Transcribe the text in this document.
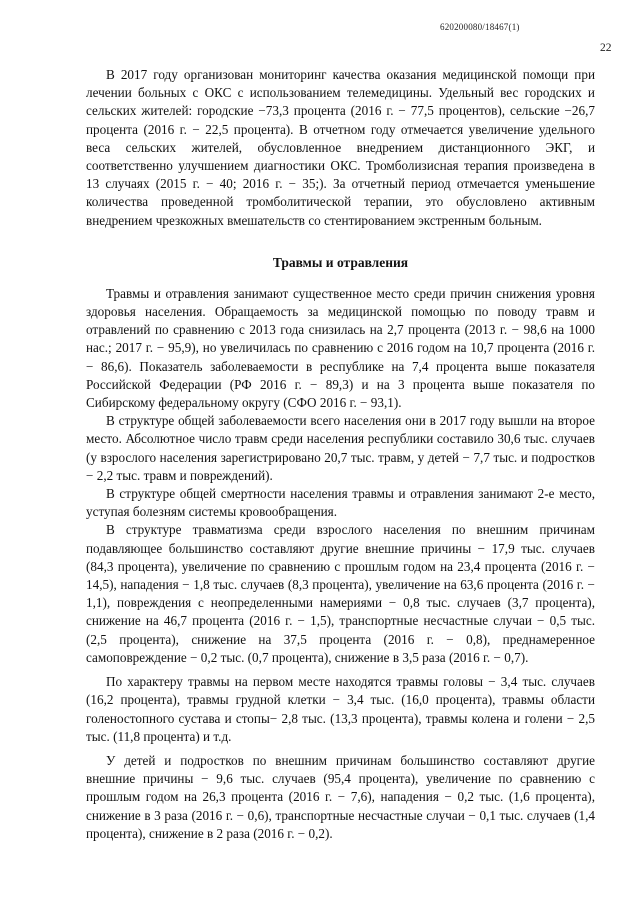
620200080/18467(1)
22

В 2017 году организован мониторинг качества оказания медицинской помощи при лечении больных с ОКС с использованием телемедицины. Удельный вес городских и сельских жителей: городские −73,3 процента (2016 г. − 77,5 процентов), сельские −26,7 процента (2016 г. − 22,5 процента). В отчетном году отмечается увеличение удельного веса сельских жителей, обусловленное внедрением дистанционного ЭКГ, и соответственно улучшением диагностики ОКС. Тромболизисная терапия произведена в 13 случаях (2015 г. − 40; 2016 г. − 35;). За отчетный период отмечается уменьшение количества проведенной тромболитической терапии, это обусловлено активным внедрением чрезкожных вмешательств со стентированием экстренным больным.

Травмы и отравления

Травмы и отравления занимают существенное место среди причин снижения уровня здоровья населения. Обращаемость за медицинской помощью по поводу травм и отравлений по сравнению с 2013 года снизилась на 2,7 процента (2013 г. − 98,6 на 1000 нас.; 2017 г. − 95,9), но увеличилась по сравнению с 2016 годом на 10,7 процента (2016 г. − 86,6). Показатель заболеваемости в республике на 7,4 процента выше показателя Российской Федерации (РФ 2016 г. − 89,3) и на 3 процента выше показателя по Сибирскому федеральному округу (СФО 2016 г. − 93,1).

В структуре общей заболеваемости всего населения они в 2017 году вышли на второе место. Абсолютное число травм среди населения республики составило 30,6 тыс. случаев (у взрослого населения зарегистрировано 20,7 тыс. травм, у детей − 7,7 тыс. и подростков − 2,2 тыс. травм и повреждений).

В структуре общей смертности населения травмы и отравления занимают 2-е место, уступая болезням системы кровообращения.

В структуре травматизма среди взрослого населения по внешним причинам подавляющее большинство составляют другие внешние причины − 17,9 тыс. случаев (84,3 процента), увеличение по сравнению с прошлым годом на 23,4 процента (2016 г. − 14,5), нападения − 1,8 тыс. случаев (8,3 процента), увеличение на 63,6 процента (2016 г. − 1,1), повреждения с неопределенными намериями − 0,8 тыс. случаев (3,7 процента), снижение на 46,7 процента (2016 г. − 1,5), транспортные несчастные случаи − 0,5 тыс. (2,5 процента), снижение на 37,5 процента (2016 г. − 0,8), преднамеренное самоповреждение − 0,2 тыс. (0,7 процента), снижение в 3,5 раза (2016 г. − 0,7).

По характеру травмы на первом месте находятся травмы головы − 3,4 тыс. случаев (16,2 процента), травмы грудной клетки − 3,4 тыс. (16,0 процента), травмы области голеностопного сустава и стопы− 2,8 тыс. (13,3 процента), травмы колена и голени − 2,5 тыс. (11,8 процента) и т.д.

У детей и подростков по внешним причинам большинство составляют другие внешние причины − 9,6 тыс. случаев (95,4 процента), увеличение по сравнению с прошлым годом на 26,3 процента (2016 г. − 7,6), нападения − 0,2 тыс. (1,6 процента), снижение в 3 раза (2016 г. − 0,6), транспортные несчастные случаи − 0,1 тыс. случаев (1,4 процента), снижение в 2 раза (2016 г. − 0,2).
